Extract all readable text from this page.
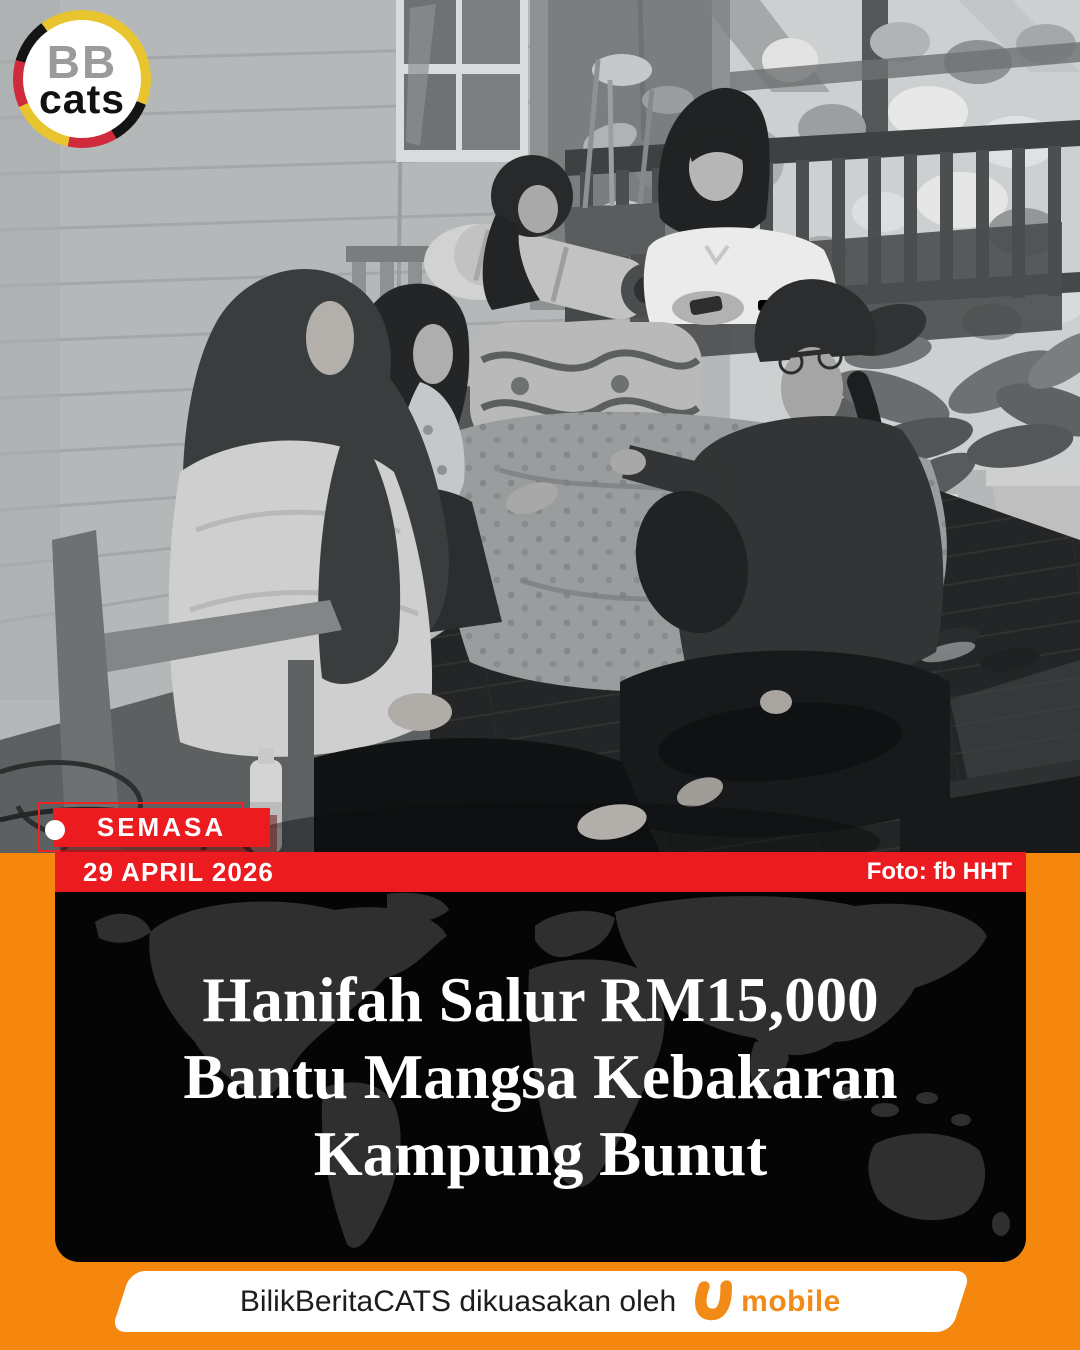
BB
cats
SEMASA
29 APRIL 2026	Foto: fb HHT
Hanifah Salur RM15,000
Bantu Mangsa Kebakaran
Kampung Bunut
BilikBeritaCATS dikuasakan oleh mobile
